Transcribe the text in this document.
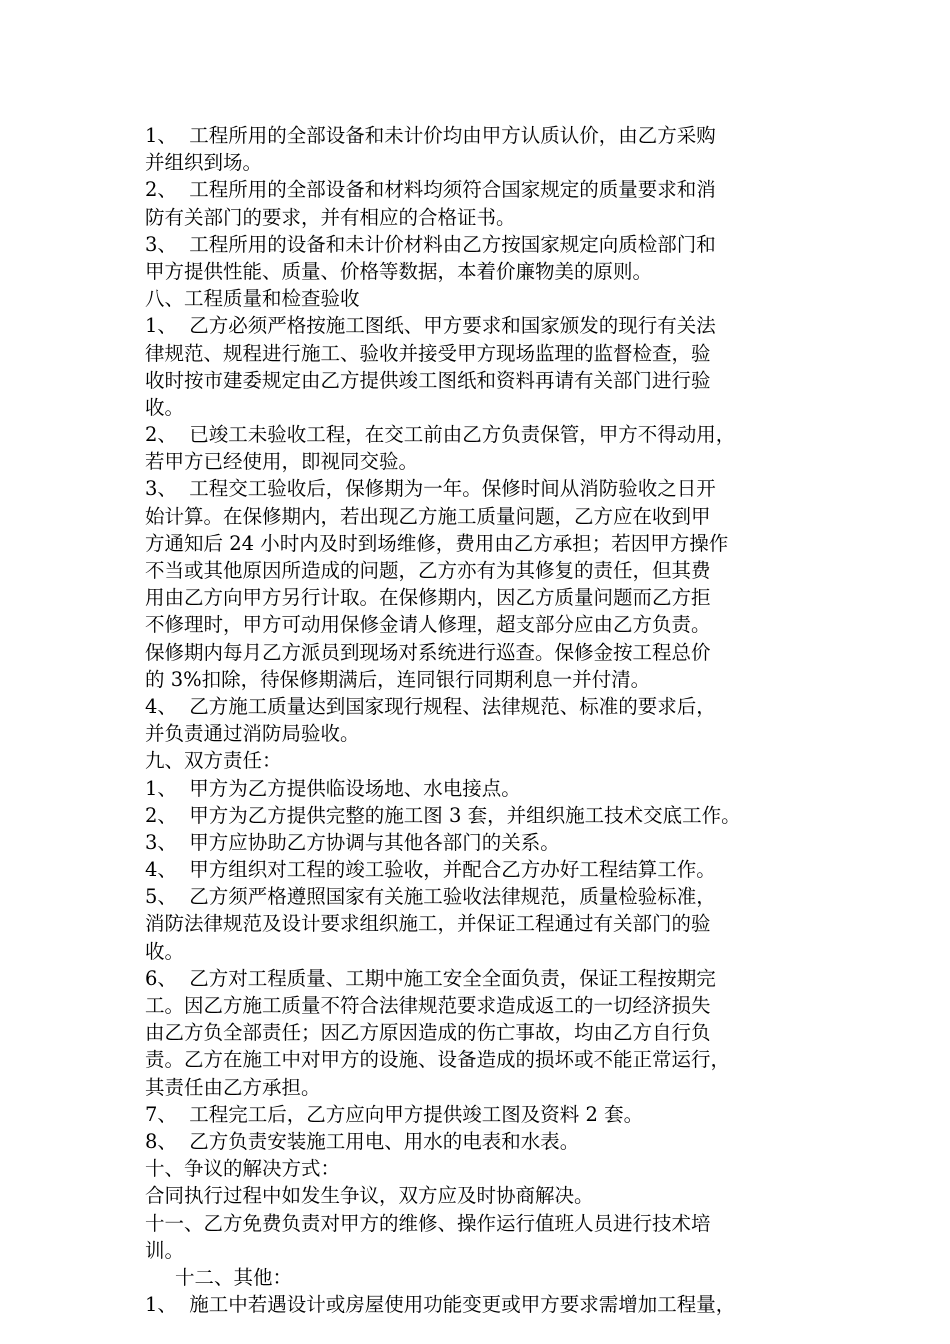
1、  工程所用的全部设备和未计价均由甲方认质认价，由乙方采购
并组织到场。
2、  工程所用的全部设备和材料均须符合国家规定的质量要求和消
防有关部门的要求，并有相应的合格证书。
3、  工程所用的设备和未计价材料由乙方按国家规定向质检部门和
甲方提供性能、质量、价格等数据，本着价廉物美的原则。
八、工程质量和检查验收
1、  乙方必须严格按施工图纸、甲方要求和国家颁发的现行有关法
律规范、规程进行施工、验收并接受甲方现场监理的监督检查，验
收时按市建委规定由乙方提供竣工图纸和资料再请有关部门进行验
收。
2、  已竣工未验收工程，在交工前由乙方负责保管，甲方不得动用，
若甲方已经使用，即视同交验。
3、  工程交工验收后，保修期为一年。保修时间从消防验收之日开
始计算。在保修期内，若出现乙方施工质量问题，乙方应在收到甲
方通知后 24 小时内及时到场维修，费用由乙方承担；若因甲方操作
不当或其他原因所造成的问题，乙方亦有为其修复的责任，但其费
用由乙方向甲方另行计取。在保修期内，因乙方质量问题而乙方拒
不修理时，甲方可动用保修金请人修理，超支部分应由乙方负责。
保修期内每月乙方派员到现场对系统进行巡查。保修金按工程总价
的 3%扣除，待保修期满后，连同银行同期利息一并付清。
4、  乙方施工质量达到国家现行规程、法律规范、标准的要求后，
并负责通过消防局验收。
九、双方责任：
1、  甲方为乙方提供临设场地、水电接点。
2、  甲方为乙方提供完整的施工图 3 套，并组织施工技术交底工作。
3、  甲方应协助乙方协调与其他各部门的关系。
4、  甲方组织对工程的竣工验收，并配合乙方办好工程结算工作。
5、  乙方须严格遵照国家有关施工验收法律规范，质量检验标准，
消防法律规范及设计要求组织施工，并保证工程通过有关部门的验
收。
6、  乙方对工程质量、工期中施工安全全面负责，保证工程按期完
工。因乙方施工质量不符合法律规范要求造成返工的一切经济损失
由乙方负全部责任；因乙方原因造成的伤亡事故，均由乙方自行负
责。乙方在施工中对甲方的设施、设备造成的损坏或不能正常运行，
其责任由乙方承担。
7、  工程完工后，乙方应向甲方提供竣工图及资料 2 套。
8、  乙方负责安装施工用电、用水的电表和水表。
十、争议的解决方式：
合同执行过程中如发生争议，双方应及时协商解决。
十一、乙方免费负责对甲方的维修、操作运行值班人员进行技术培
训。
十二、其他：
1、  施工中若遇设计或房屋使用功能变更或甲方要求需增加工程量，
